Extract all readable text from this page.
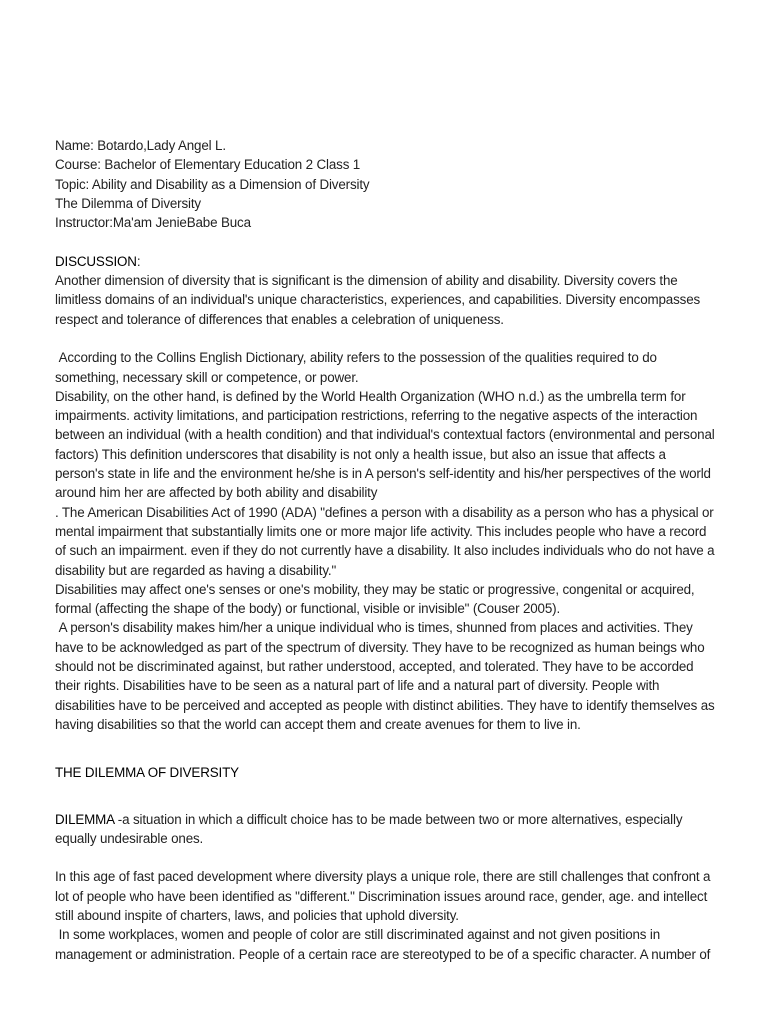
Name: Botardo,Lady Angel L.

Course: Bachelor of Elementary Education 2 Class 1

Topic: Ability and Disability as a Dimension of Diversity

The Dilemma of Diversity

Instructor:Ma'am JenieBabe Buca

DISCUSSION:

Another dimension of diversity that is significant is the dimension of ability and disability. Diversity covers the limitless domains of an individual's unique characteristics, experiences, and capabilities. Diversity encompasses respect and tolerance of differences that enables a celebration of uniqueness.

According to the Collins English Dictionary, ability refers to the possession of the qualities required to do something, necessary skill or competence, or power.

Disability, on the other hand, is defined by the World Health Organization (WHO n.d.) as the umbrella term for impairments. activity limitations, and participation restrictions, referring to the negative aspects of the interaction between an individual (with a health condition) and that individual's contextual factors (environmental and personal factors) This definition underscores that disability is not only a health issue, but also an issue that affects a person's state in life and the environment he/she is in A person's self-identity and his/her perspectives of the world around him her are affected by both ability and disability

. The American Disabilities Act of 1990 (ADA) "defines a person with a disability as a person who has a physical or mental impairment that substantially limits one or more major life activity. This includes people who have a record of such an impairment. even if they do not currently have a disability. It also includes individuals who do not have a disability but are regarded as having a disability."

Disabilities may affect one's senses or one's mobility, they may be static or progressive, congenital or acquired, formal (affecting the shape of the body) or functional, visible or invisible" (Couser 2005).

A person's disability makes him/her a unique individual who is times, shunned from places and activities. They have to be acknowledged as part of the spectrum of diversity. They have to be recognized as human beings who should not be discriminated against, but rather understood, accepted, and tolerated. They have to be accorded their rights. Disabilities have to be seen as a natural part of life and a natural part of diversity. People with disabilities have to be perceived and accepted as people with distinct abilities. They have to identify themselves as having disabilities so that the world can accept them and create avenues for them to live in.

THE DILEMMA OF DIVERSITY

DILEMMA -a situation in which a difficult choice has to be made between two or more alternatives, especially equally undesirable ones.

In this age of fast paced development where diversity plays a unique role, there are still challenges that confront a lot of people who have been identified as "different." Discrimination issues around race, gender, age. and intellect still abound inspite of charters, laws, and policies that uphold diversity.

In some workplaces, women and people of color are still discriminated against and not given positions in management or administration. People of a certain race are stereotyped to be of a specific character. A number of
